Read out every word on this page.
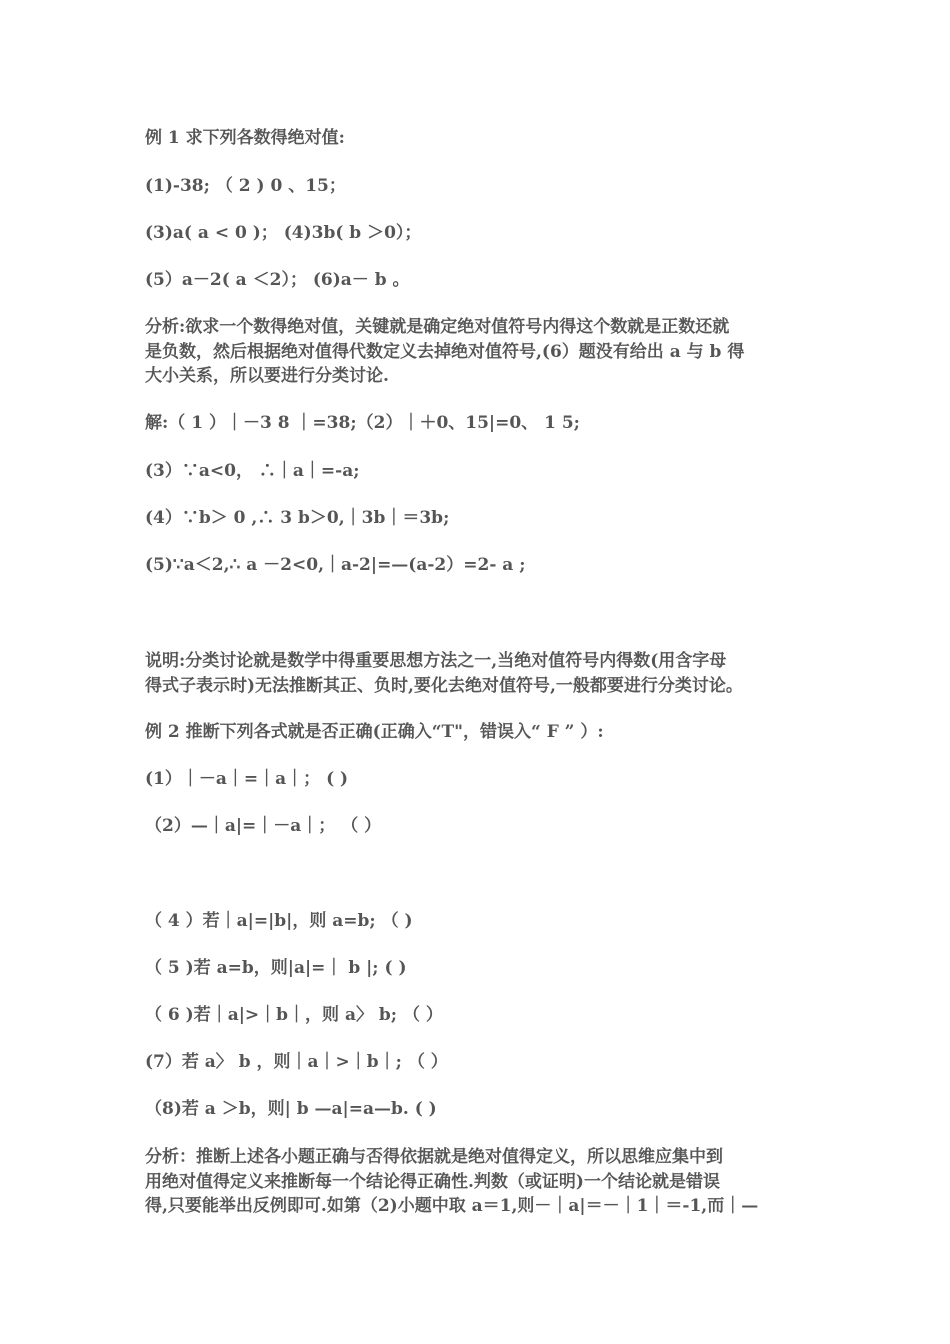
例 1 求下列各数得绝对值:
(1)-38; （ 2 ) 0 、15；
(3)a( a < 0 )； (4)3b( b ＞0）；
(5）a－2( a ＜2）； (6)a－ b 。
分析:欲求一个数得绝对值，关键就是确定绝对值符号内得这个数就是正数还就
是负数，然后根据绝对值得代数定义去掉绝对值符号,(6）题没有给出 a 与 b 得
大小关系，所以要进行分类讨论.
解:（ 1 ）｜－3 8 ｜=38;（2）｜＋0、15|=0、 1 5;
(3）∵a<0， ∴｜a｜=-a;
(4）∵b＞ 0 ,∴ 3 b＞0,｜3b｜＝3b;
(5)∵a＜2,∴ a －2<0,｜a-2|=—(a-2）=2- a ;
说明:分类讨论就是数学中得重要思想方法之一,当绝对值符号内得数(用含字母
得式子表示时)无法推断其正、负时,要化去绝对值符号,一般都要进行分类讨论。
例 2 推断下列各式就是否正确(正确入“T"，错误入“ F ” ）:
(1）｜－a｜=｜a｜； ( )
（2）—｜a|=｜－a｜； （ ）
（ 4 ）若｜a|=|b|，则 a=b; （ )
（ 5 )若 a=b，则|a|=｜ b |; ( )
（ 6 )若｜a|>｜b｜，则 a〉 b; （ ）
(7）若 a〉 b ，则｜a｜>｜b｜; （ ）
（8)若 a ＞b，则| b —a|=a—b. ( )
分析：推断上述各小题正确与否得依据就是绝对值得定义，所以思维应集中到
用绝对值得定义来推断每一个结论得正确性.判数（或证明)一个结论就是错误
得,只要能举出反例即可.如第（2)小题中取 a＝1,则－｜a|＝－｜1｜＝-1,而｜—
